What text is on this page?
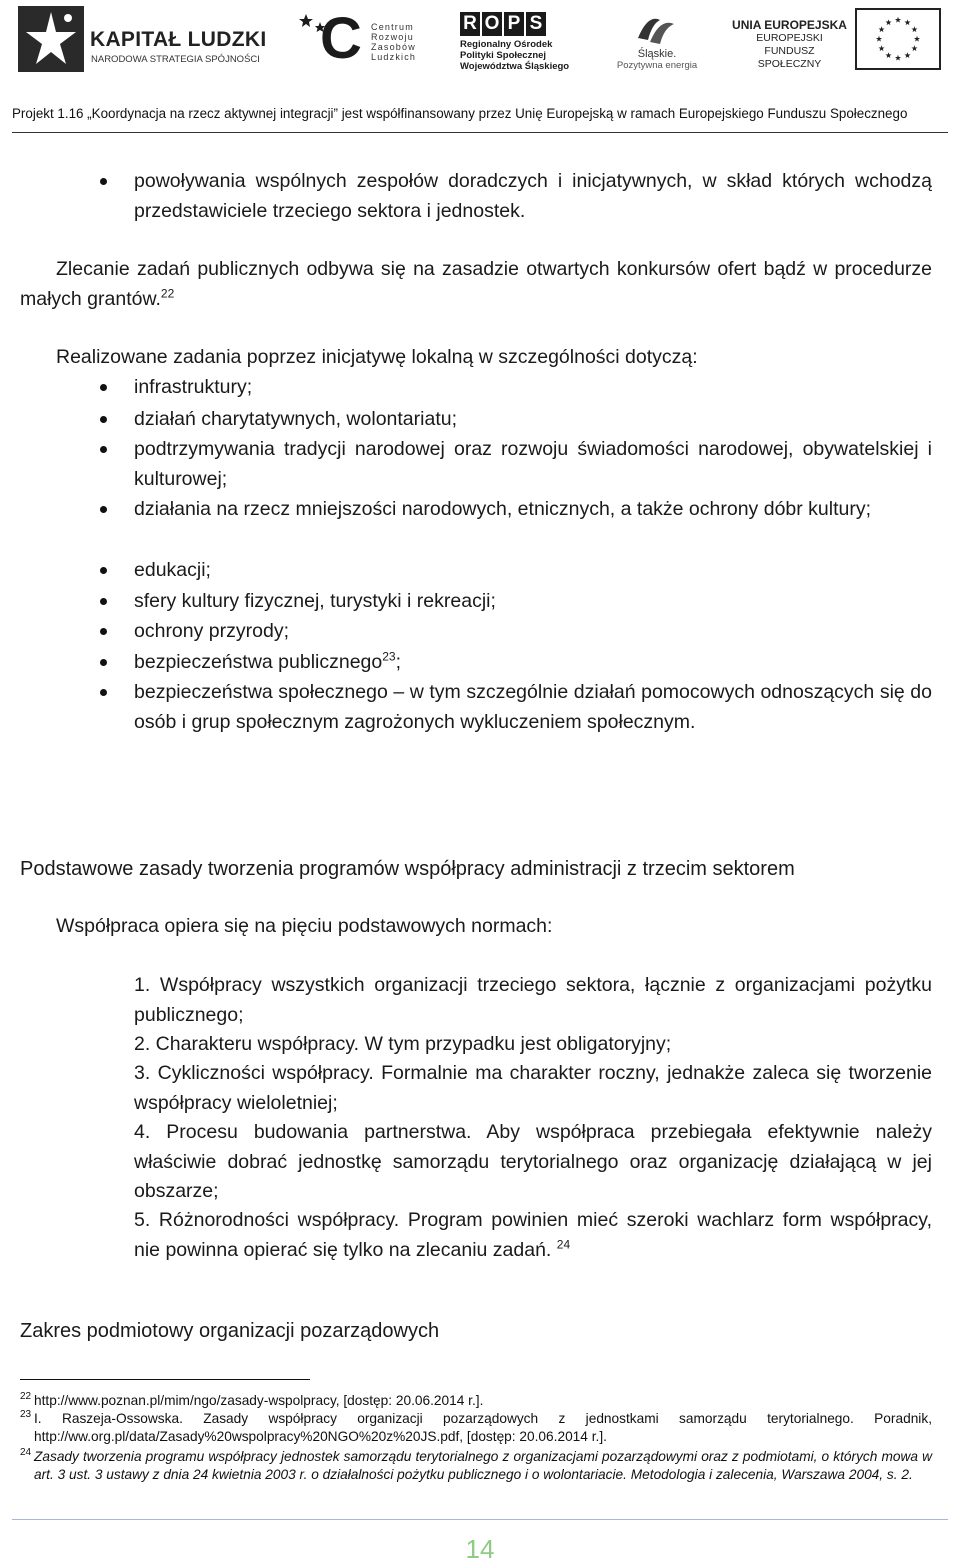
KAPITAŁ LUDZKI
NARODOWA STRATEGIA SPÓJNOŚCI C Centrum
Rozwoju
Zasobów
Ludzkich
R O P S
Regionalny Ośrodek
Polityki Społecznej
Województwa Śląskiego
Śląskie.
Pozytywna energia
UNIA EUROPEJSKA
EUROPEJSKI
FUNDUSZ SPOŁECZNY
Projekt 1.16 „Koordynacja na rzecz aktywnej integracji” jest współfinansowany przez Unię Europejską w ramach Europejskiego Funduszu Społecznego
powoływania wspólnych zespołów doradczych i inicjatywnych, w skład których wchodzą przedstawiciele trzeciego sektora i jednostek.
Zlecanie zadań publicznych odbywa się na zasadzie otwartych konkursów ofert bądź w procedurze małych grantów.$^{22}$
Realizowane zadania poprzez inicjatywę lokalną w szczególności dotyczą:
infrastruktury;
działań charytatywnych, wolontariatu;
podtrzymywania tradycji narodowej oraz rozwoju świadomości narodowej, obywatelskiej i kulturowej;
działania na rzecz mniejszości narodowych, etnicznych, a także ochrony dóbr kultury;
edukacji;
sfery kultury fizycznej, turystyki i rekreacji;
ochrony przyrody;
bezpieczeństwa publicznego$^{23}$;
bezpieczeństwa społecznego – w tym szczególnie działań pomocowych odnoszących się do osób i grup społecznym zagrożonych wykluczeniem społecznym.
Podstawowe zasady tworzenia programów współpracy administracji z trzecim sektorem
Współpraca opiera się na pięciu podstawowych normach:
1. Współpracy wszystkich organizacji trzeciego sektora, łącznie z organizacjami pożytku publicznego;
2. Charakteru współpracy. W tym przypadku jest obligatoryjny;
3. Cykliczności współpracy. Formalnie ma charakter roczny, jednakże zaleca się tworzenie współpracy wieloletniej;
4. Procesu budowania partnerstwa. Aby współpraca przebiegała efektywnie należy właściwie dobrać jednostkę samorządu terytorialnego oraz organizację działającą w jej obszarze;
5. Różnorodności współpracy. Program powinien mieć szeroki wachlarz form współpracy, nie powinna opierać się tylko na zlecaniu zadań. $^{24}$
Zakres podmiotowy organizacji pozarządowych
22 http://www.poznan.pl/mim/ngo/zasady-wspolpracy, [dostęp: 20.06.2014 r.].
23 I. Raszeja-Ossowska. Zasady współpracy organizacji pozarządowych z jednostkami samorządu terytorialnego. Poradnik, http://ww.org.pl/data/Zasady%20wspolpracy%20NGO%20z%20JS.pdf, [dostęp: 20.06.2014 r.].
24 Zasady tworzenia programu współpracy jednostek samorządu terytorialnego z organizacjami pozarządowymi oraz z podmiotami, o których mowa w art. 3 ust. 3 ustawy z dnia 24 kwietnia 2003 r. o działalności pożytku publicznego i o wolontariacie. Metodologia i zalecenia, Warszawa 2004, s. 2.
14
